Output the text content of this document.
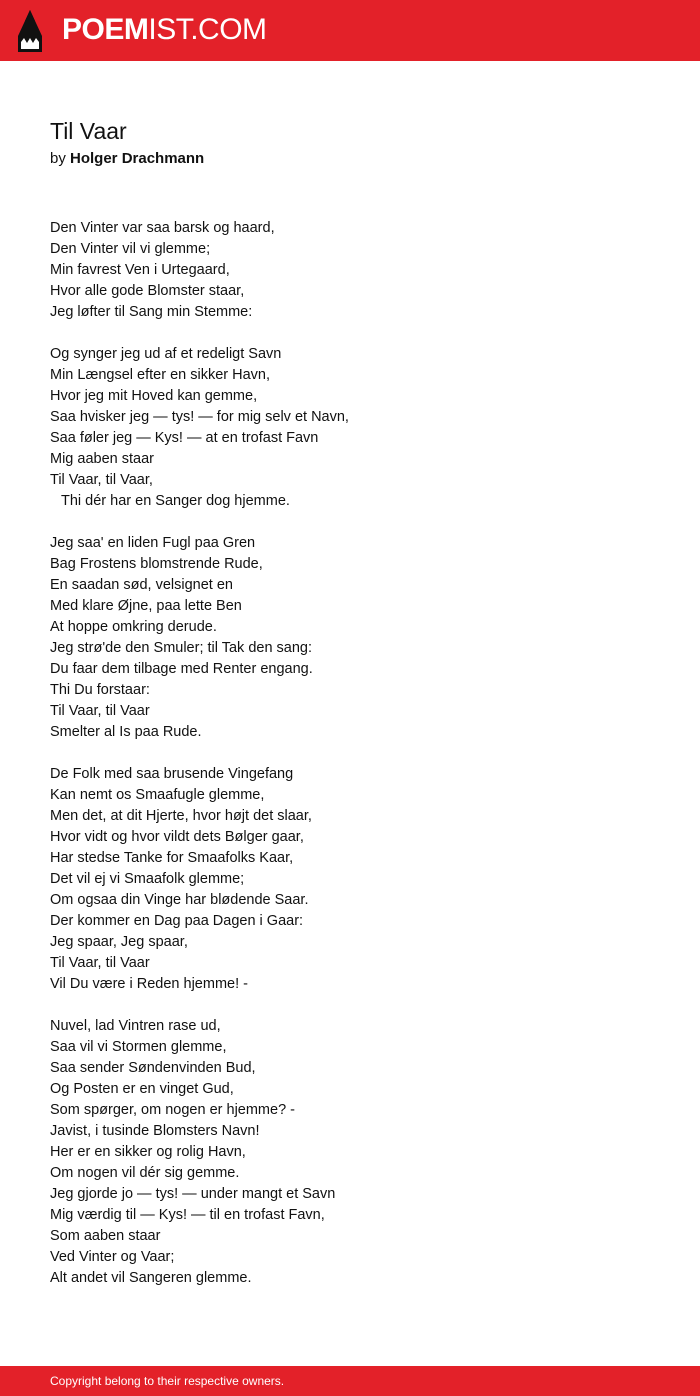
POEMIST.COM
Til Vaar
by Holger Drachmann
Den Vinter var saa barsk og haard,
Den Vinter vil vi glemme;
Min favrest Ven i Urtegaard,
Hvor alle gode Blomster staar,
Jeg løfter til Sang min Stemme:
Og synger jeg ud af et redeligt Savn
Min Længsel efter en sikker Havn,
Hvor jeg mit Hoved kan gemme,
Saa hvisker jeg — tys! — for mig selv et Navn,
Saa føler jeg — Kys! — at en trofast Favn
Mig aaben staar
Til Vaar, til Vaar,
Thi dér har en Sanger dog hjemme.
Jeg saa' en liden Fugl paa Gren
Bag Frostens blomstrende Rude,
En saadan sød, velsignet en
Med klare Øjne, paa lette Ben
At hoppe omkring derude.
Jeg strø'de den Smuler; til Tak den sang:
Du faar dem tilbage med Renter engang.
Thi Du forstaar:
Til Vaar, til Vaar
Smelter al Is paa Rude.
De Folk med saa brusende Vingefang
Kan nemt os Smaafugle glemme,
Men det, at dit Hjerte, hvor højt det slaar,
Hvor vidt og hvor vildt dets Bølger gaar,
Har stedse Tanke for Smaafolks Kaar,
Det vil ej vi Smaafolk glemme;
Om ogsaa din Vinge har blødende Saar.
Der kommer en Dag paa Dagen i Gaar:
Jeg spaar, Jeg spaar,
Til Vaar, til Vaar
Vil Du være i Reden hjemme! -
Nuvel, lad Vintren rase ud,
Saa vil vi Stormen glemme,
Saa sender Søndenvinden Bud,
Og Posten er en vinget Gud,
Som spørger, om nogen er hjemme? -
Javist, i tusinde Blomsters Navn!
Her er en sikker og rolig Havn,
Om nogen vil dér sig gemme.
Jeg gjorde jo — tys! — under mangt et Savn
Mig værdig til — Kys! — til en trofast Favn,
Som aaben staar
Ved Vinter og Vaar;
Alt andet vil Sangeren glemme.
Copyright belong to their respective owners.
